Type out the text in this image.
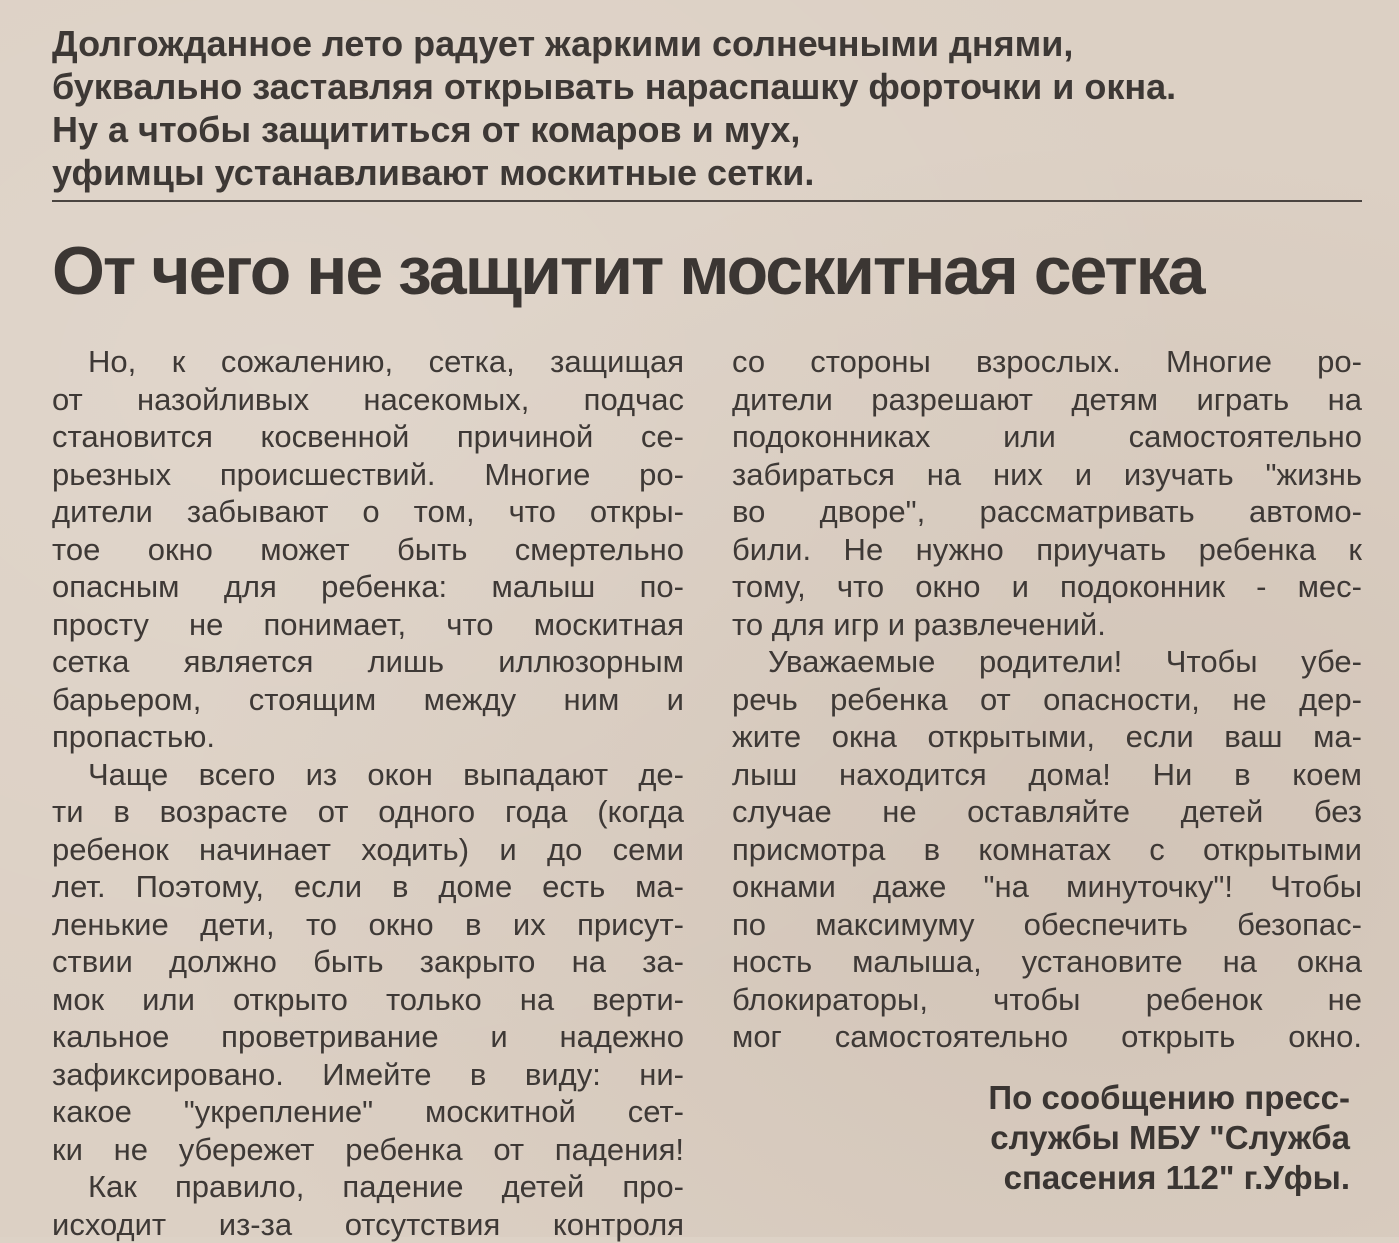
Долгожданное лето радует жаркими солнечными днями,
буквально заставляя открывать нараспашку форточки и окна.
Ну а чтобы защититься от комаров и мух,
уфимцы устанавливают москитные сетки.
От чего не защитит москитная сетка
Но, к сожалению, сетка, защищая
от назойливых насекомых, подчас
становится косвенной причиной се-
рьезных происшествий. Многие ро-
дители забывают о том, что откры-
тое окно может быть смертельно
опасным для ребенка: малыш по-
просту не понимает, что москитная
сетка является лишь иллюзорным
барьером, стоящим между ним и
пропастью.
Чаще всего из окон выпадают де-
ти в возрасте от одного года (когда
ребенок начинает ходить) и до семи
лет. Поэтому, если в доме есть ма-
ленькие дети, то окно в их присут-
ствии должно быть закрыто на за-
мок или открыто только на верти-
кальное проветривание и надежно
зафиксировано. Имейте в виду: ни-
какое "укрепление" москитной сет-
ки не убережет ребенка от падения!
Как правило, падение детей про-
исходит из-за отсутствия контроля
со стороны взрослых. Многие ро-
дители разрешают детям играть на
подоконниках или самостоятельно
забираться на них и изучать "жизнь
во дворе", рассматривать автомо-
били. Не нужно приучать ребенка к
тому, что окно и подоконник - мес-
то для игр и развлечений.
Уважаемые родители! Чтобы убе-
речь ребенка от опасности, не дер-
жите окна открытыми, если ваш ма-
лыш находится дома! Ни в коем
случае не оставляйте детей без
присмотра в комнатах с открытыми
окнами даже "на минуточку"! Чтобы
по максимуму обеспечить безопас-
ность малыша, установите на окна
блокираторы, чтобы ребенок не
мог самостоятельно открыть окно.
По сообщению пресс-
службы МБУ "Служба
спасения 112" г.Уфы.
